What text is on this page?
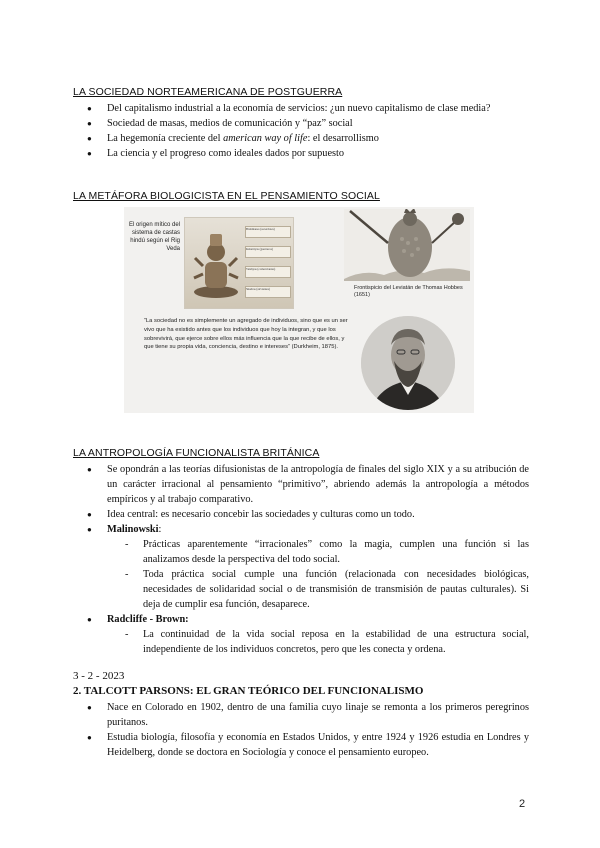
LA SOCIEDAD NORTEAMERICANA DE POSTGUERRA
● Del capitalismo industrial a la economía de servicios: ¿un nuevo capitalismo de clase media?
● Sociedad de masas, medios de comunicación y “paz” social
● La hegemonía creciente del american way of life: el desarrollismo
● La ciencia y el progreso como ideales dados por supuesto
LA METÁFORA BIOLOGICISTA EN EL PENSAMIENTO SOCIAL
El origen mítico del sistema de castas hindú según el Rig Veda
Brahmanes (sacerdotes)
Kshatriyas (guerreros)
Vaishyas (comerciantes)
Shudras (sirvientes)	Frontispicio del Leviatán de Thomas Hobbes (1651)
“La sociedad no es simplemente un agregado de individuos, sino que es un ser vivo que ha existido antes que los individuos que hoy la integran, y que los sobrevivirá, que ejerce sobre ellos más influencia que la que recibe de ellos, y que tiene su propia vida, conciencia, destino e intereses” (Durkheim, 1875).
LA ANTROPOLOGÍA FUNCIONALISTA BRITÁNICA
● Se opondrán a las teorías difusionistas de la antropología de finales del siglo XIX y a su atribución de un carácter irracional al pensamiento “primitivo”, abriendo además la antropología a métodos empíricos y al trabajo comparativo.
● Idea central: es necesario concebir las sociedades y culturas como un todo.
● Malinowski:
- Prácticas aparentemente “irracionales” como la magia, cumplen una función si las analizamos desde la perspectiva del todo social.
- Toda práctica social cumple una función (relacionada con necesidades biológicas, necesidades de solidaridad social o de transmisión de transmisión de pautas culturales). Si deja de cumplir esa función, desaparece.
● Radcliffe - Brown:
- La continuidad de la vida social reposa en la estabilidad de una estructura social, independiente de los individuos concretos, pero que les conecta y ordena.
3 - 2 - 2023
2. TALCOTT PARSONS: EL GRAN TEÓRICO DEL FUNCIONALISMO
● Nace en Colorado en 1902, dentro de una familia cuyo linaje se remonta a los primeros peregrinos puritanos.
● Estudia biología, filosofía y economía en Estados Unidos, y entre 1924 y 1926 estudia en Londres y Heidelberg, donde se doctora en Sociología y conoce el pensamiento europeo.
2
